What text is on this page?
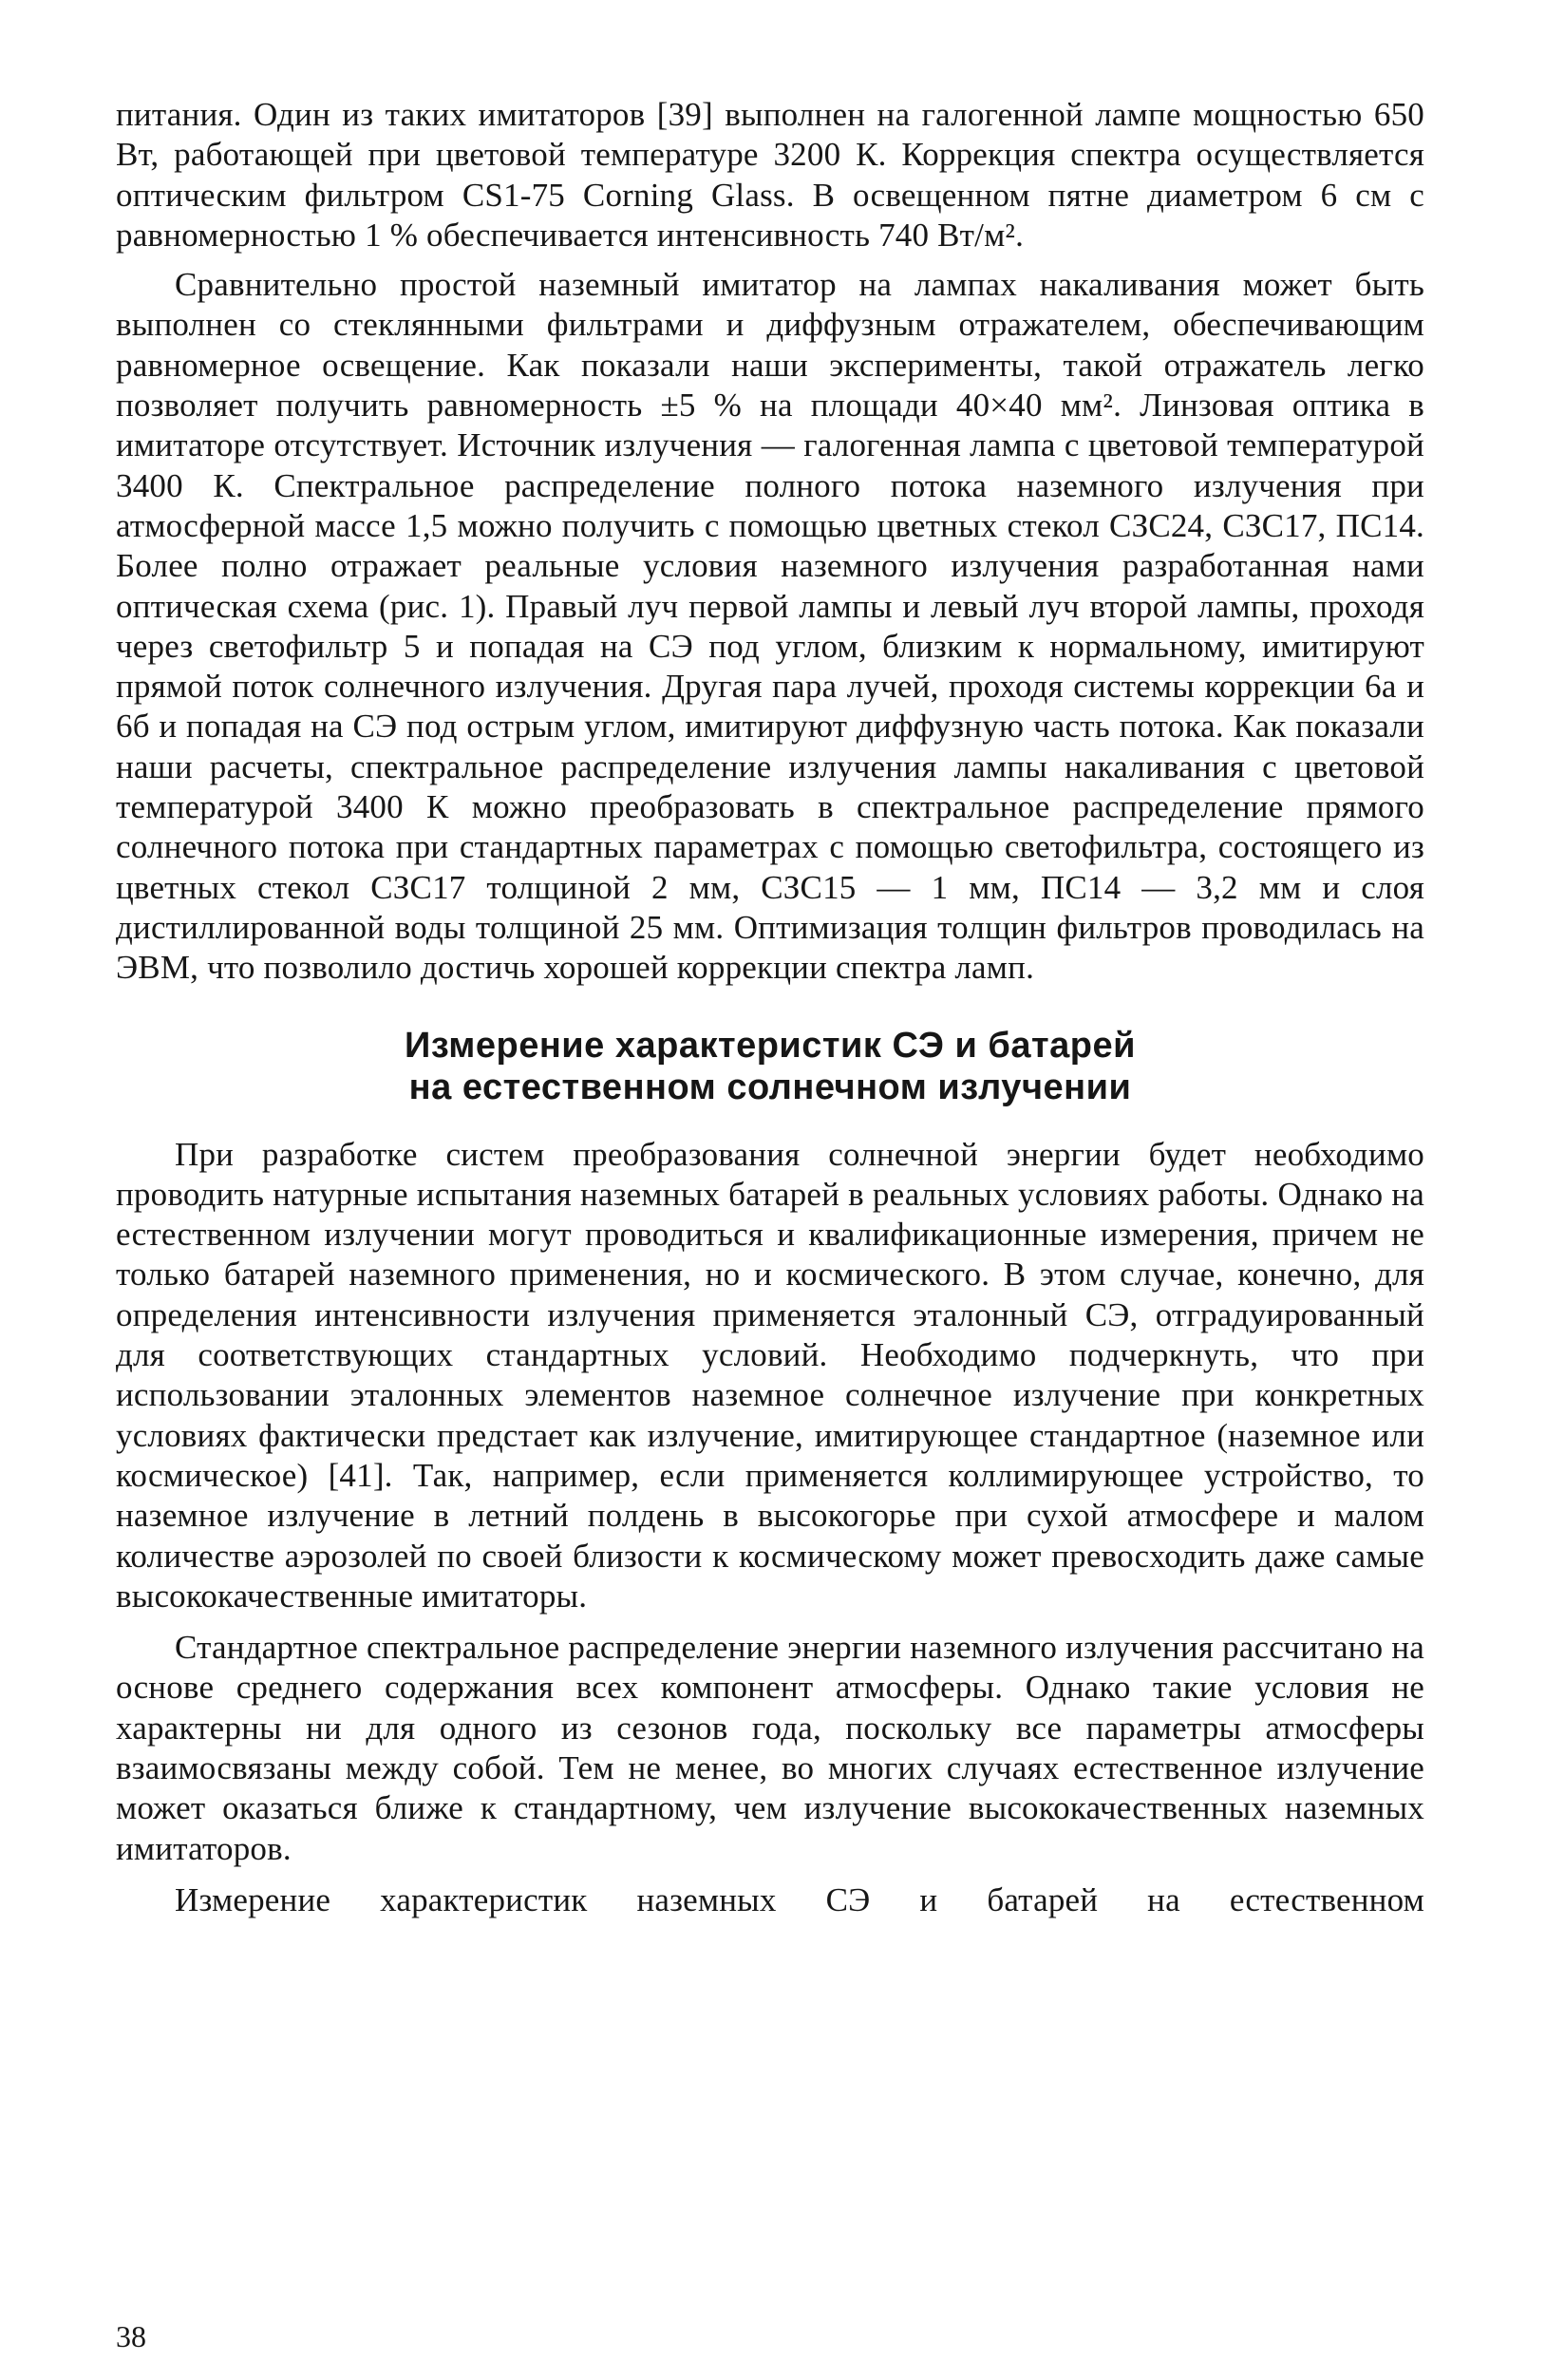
питания. Один из таких имитаторов [39] выполнен на галогенной лампе мощностью 650 Вт, работающей при цветовой температуре 3200 К. Коррекция спектра осуществляется оптическим фильтром CS1-75 Corning Glass. В освещенном пятне диаметром 6 см с равномерностью 1 % обеспечивается интенсивность 740 Вт/м².

Сравнительно простой наземный имитатор на лампах накаливания может быть выполнен со стеклянными фильтрами и диффузным отражателем, обеспечивающим равномерное освещение. Как показали наши эксперименты, такой отражатель легко позволяет получить равномерность ±5 % на площади 40×40 мм². Линзовая оптика в имитаторе отсутствует. Источник излучения — галогенная лампа с цветовой температурой 3400 К. Спектральное распределение полного потока наземного излучения при атмосферной массе 1,5 можно получить с помощью цветных стекол СЗС24, СЗС17, ПС14. Более полно отражает реальные условия наземного излучения разработанная нами оптическая схема (рис. 1). Правый луч первой лампы и левый луч второй лампы, проходя через светофильтр 5 и попадая на СЭ под углом, близким к нормальному, имитируют прямой поток солнечного излучения. Другая пара лучей, проходя системы коррекции 6а и 6б и попадая на СЭ под острым углом, имитируют диффузную часть потока. Как показали наши расчеты, спектральное распределение излучения лампы накаливания с цветовой температурой 3400 К можно преобразовать в спектральное распределение прямого солнечного потока при стандартных параметрах с помощью светофильтра, состоящего из цветных стекол СЗС17 толщиной 2 мм, СЗС15 — 1 мм, ПС14 — 3,2 мм и слоя дистиллированной воды толщиной 25 мм. Оптимизация толщин фильтров проводилась на ЭВМ, что позволило достичь хорошей коррекции спектра ламп.

Измерение характеристик СЭ и батарей
на естественном солнечном излучении

При разработке систем преобразования солнечной энергии будет необходимо проводить натурные испытания наземных батарей в реальных условиях работы. Однако на естественном излучении могут проводиться и квалификационные измерения, причем не только батарей наземного применения, но и космического. В этом случае, конечно, для определения интенсивности излучения применяется эталонный СЭ, отградуированный для соответствующих стандартных условий. Необходимо подчеркнуть, что при использовании эталонных элементов наземное солнечное излучение при конкретных условиях фактически предстает как излучение, имитирующее стандартное (наземное или космическое) [41]. Так, например, если применяется коллимирующее устройство, то наземное излучение в летний полдень в высокогорье при сухой атмосфере и малом количестве аэрозолей по своей близости к космическому может превосходить даже самые высококачественные имитаторы.

Стандартное спектральное распределение энергии наземного излучения рассчитано на основе среднего содержания всех компонент атмосферы. Однако такие условия не характерны ни для одного из сезонов года, поскольку все параметры атмосферы взаимосвязаны между собой. Тем не менее, во многих случаях естественное излучение может оказаться ближе к стандартному, чем излучение высококачественных наземных имитаторов.

Измерение характеристик наземных СЭ и батарей на естественном

38
